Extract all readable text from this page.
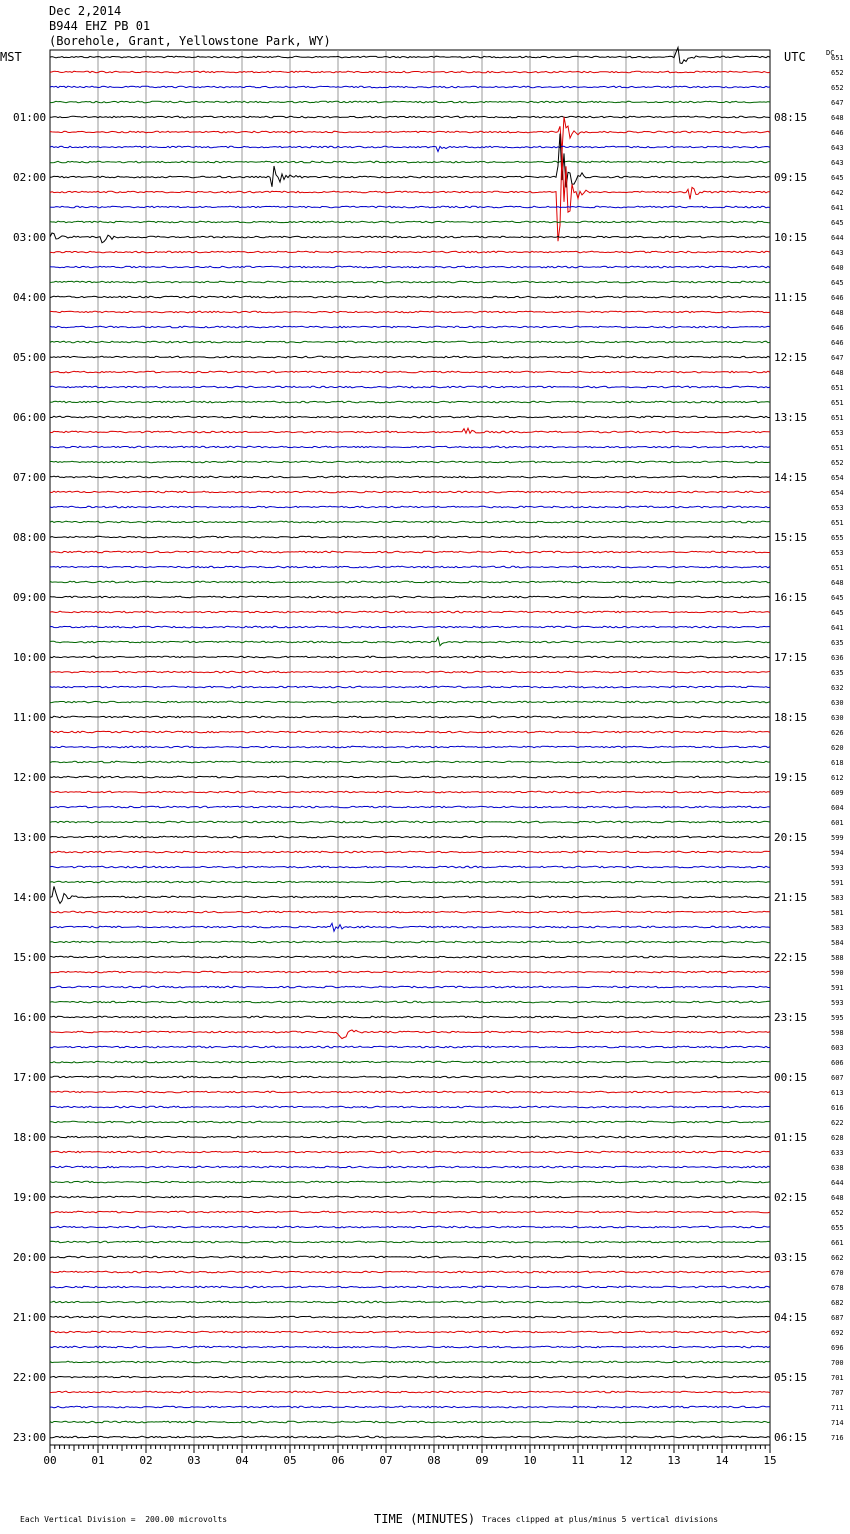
Dec 2,2014
B944 EHZ PB 01
(Borehole, Grant, Yellowstone Park, WY)
MST	UTC	DC
651
652
652
647
648
01:00	08:15
646
643
643
645
02:00	09:15
642
641
645
644
03:00	10:15
643
640
645
646
04:00	11:15
648
646
646
647
05:00	12:15
648
651
651
651
06:00	13:15
653
651
652
654
07:00	14:15
654
653
651
655
08:00	15:15
653
651
648
645
09:00	16:15
645
641
635
636
10:00	17:15
635
632
630
630
11:00	18:15
626
620
618
612
12:00	19:15
609
604
601
599
13:00	20:15
594
593
591
583
14:00	21:15
581
583
584
588
15:00	22:15
590
591
593
595
16:00	23:15
598
603
606
607
17:00	00:15
613
616
622
628
18:00	01:15
633
638
644
648
19:00	02:15
652
655
661
662
20:00	03:15
670
678
682
687
21:00	04:15
692
696
700
701
22:00	05:15
707
711
714
716
23:00	06:15
00	01	02	03	04	05	06	07	08	09	10	11	12	13	14	15
TIME (MINUTES)
Each Vertical Division =  200.00 microvolts	Traces clipped at plus/minus 5 vertical divisions
